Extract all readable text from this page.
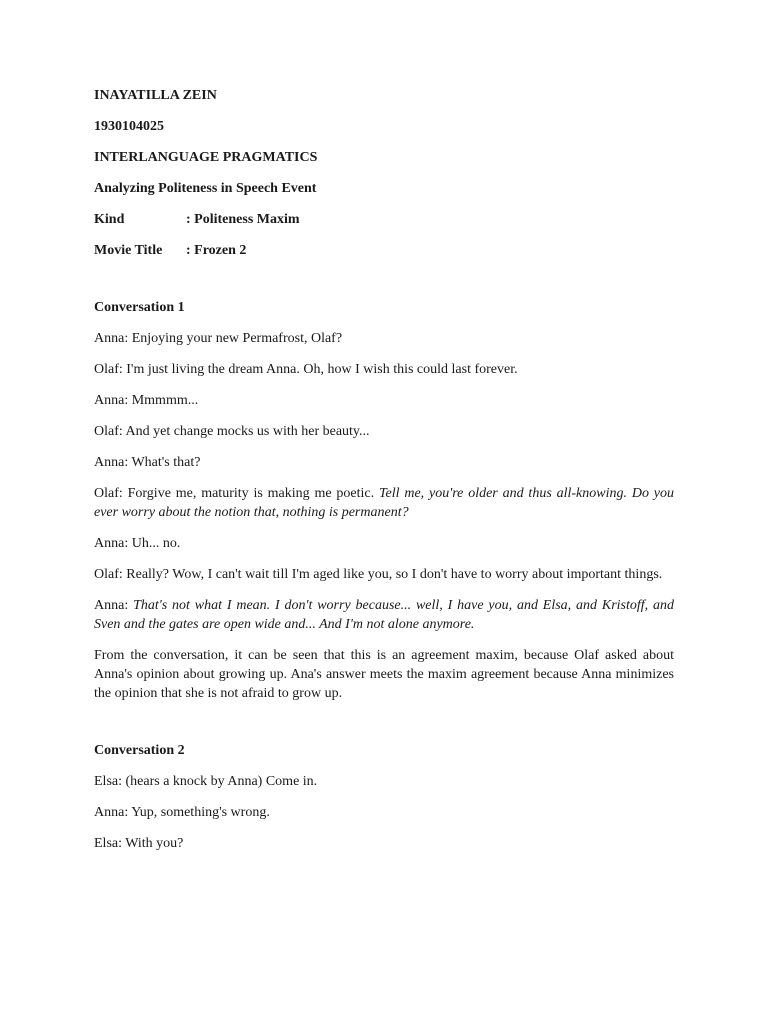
INAYATILLA ZEIN

1930104025

INTERLANGUAGE PRAGMATICS

Analyzing Politeness in Speech Event

Kind	: Politeness Maxim
Movie Title	: Frozen 2

Conversation 1

Anna: Enjoying your new Permafrost, Olaf?

Olaf: I'm just living the dream Anna. Oh, how I wish this could last forever.

Anna: Mmmmm...

Olaf: And yet change mocks us with her beauty...

Anna: What's that?

Olaf: Forgive me, maturity is making me poetic. Tell me, you're older and thus all-knowing. Do you ever worry about the notion that, nothing is permanent?

Anna: Uh... no.

Olaf: Really? Wow, I can't wait till I'm aged like you, so I don't have to worry about important things.

Anna: That's not what I mean. I don't worry because... well, I have you, and Elsa, and Kristoff, and Sven and the gates are open wide and... And I'm not alone anymore.

From the conversation, it can be seen that this is an agreement maxim, because Olaf asked about Anna's opinion about growing up. Ana's answer meets the maxim agreement because Anna minimizes the opinion that she is not afraid to grow up.

Conversation 2

Elsa: (hears a knock by Anna) Come in.

Anna: Yup, something's wrong.

Elsa: With you?
